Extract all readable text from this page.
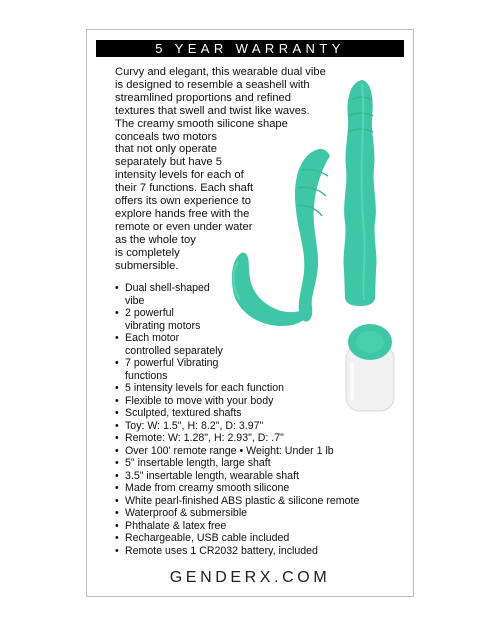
5 YEAR WARRANTY
Curvy and elegant, this wearable dual vibe
is designed to resemble a seashell with
streamlined proportions and refined
textures that swell and twist like waves.
The creamy smooth silicone shape
conceals two motors
that not only operate
separately but have 5
intensity levels for each of
their 7 functions. Each shaft
offers its own experience to
explore hands free with the
remote or even under water
as the whole toy
is completely
submersible.
• Dual shell-shaped
vibe
• 2 powerful
vibrating motors
• Each motor
controlled separately
• 7 powerful Vibrating
functions
• 5 intensity levels for each function
• Flexible to move with your body
• Sculpted, textured shafts
• Toy: W: 1.5", H: 8.2", D: 3.97"
• Remote: W: 1.28", H: 2.93", D: .7"
• Over 100' remote range • Weight: Under 1 lb
• 5" insertable length, large shaft
• 3.5" insertable length, wearable shaft
• Made from creamy smooth silicone
• White pearl-finished ABS plastic & silicone remote
• Waterproof & submersible
• Phthalate & latex free
• Rechargeable, USB cable included
• Remote uses 1 CR2032 battery, included
GENDERX.COM
